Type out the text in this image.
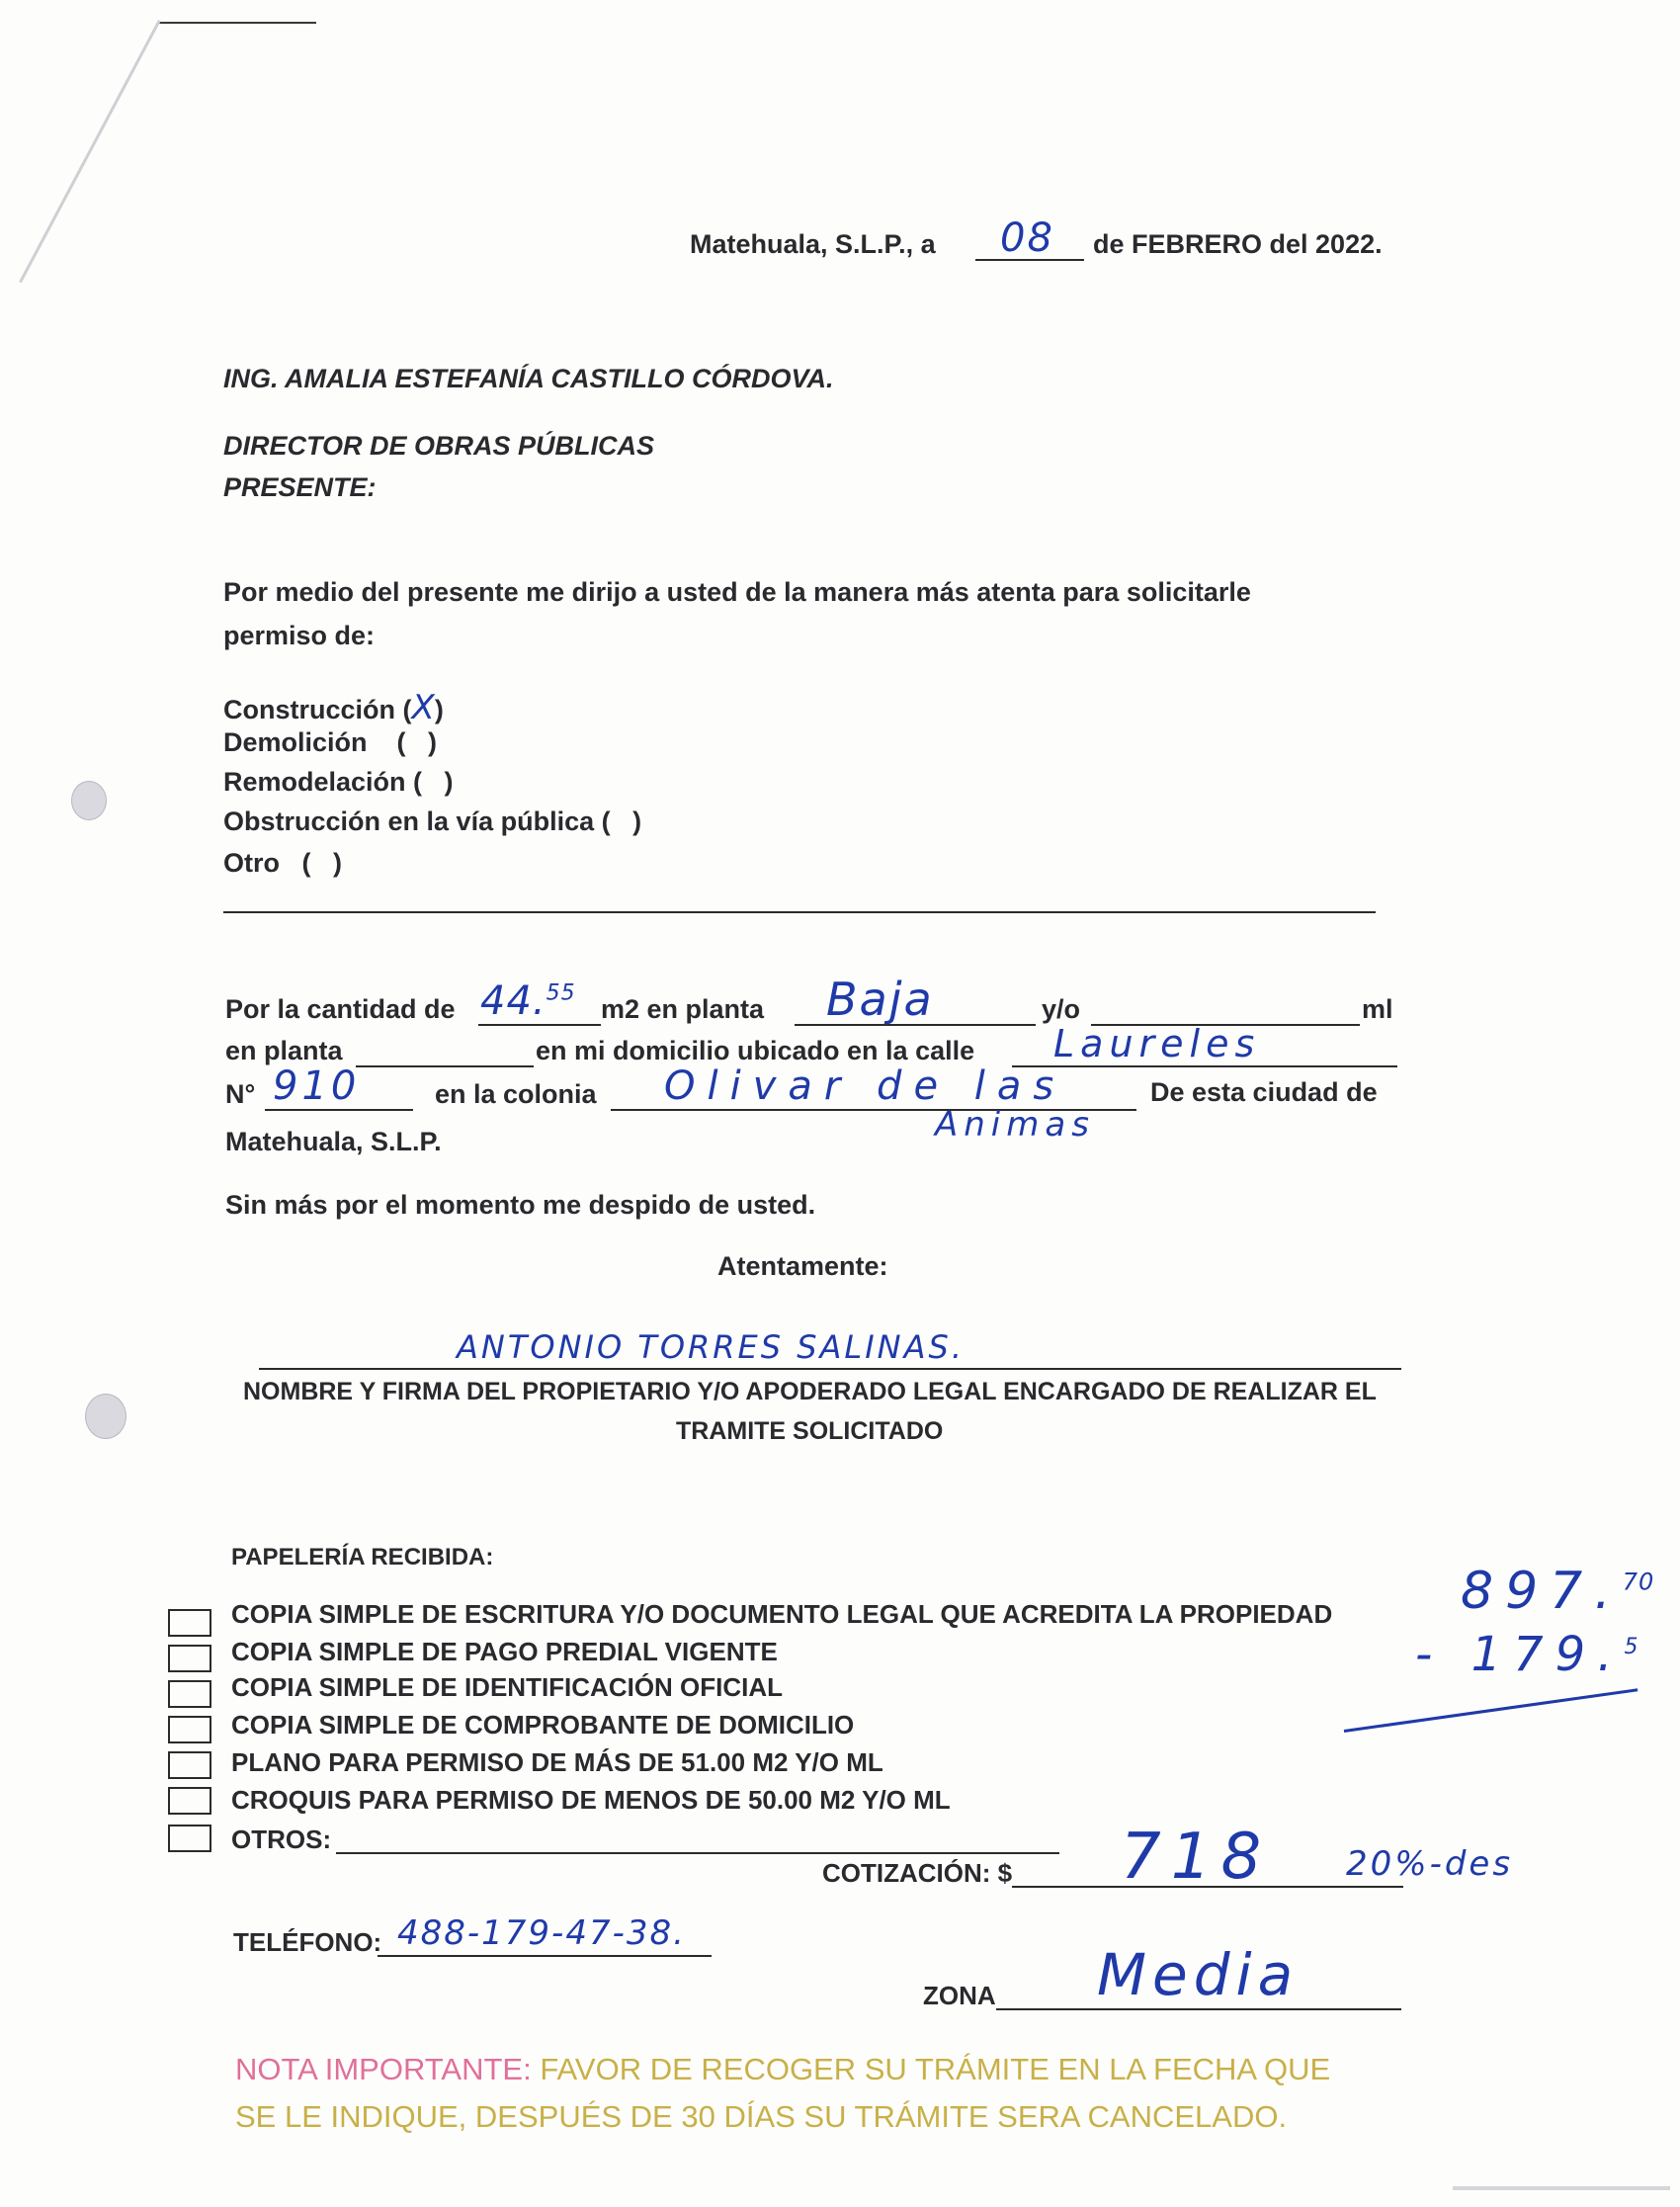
Matehuala, S.L.P., a 08 de FEBRERO del 2022.
ING. AMALIA ESTEFANÍA CASTILLO CÓRDOVA.
DIRECTOR DE OBRAS PÚBLICAS
PRESENTE:
Por medio del presente me dirijo a usted de la manera más atenta para solicitarle
permiso de:
Construcción (X)
Demolición    (   )
Remodelación (   )
Obstrucción en la vía pública (   )
Otro   (   )
Por la cantidad de 44.55
m2 en planta Baja	y/o	ml
en planta	en mi domicilio ubicado en la calle Laureles
N° 910	en la colonia Olivar de las
Animas
De esta ciudad de
Matehuala, S.L.P.
Sin más por el momento me despido de usted.
Atentamente:
ANTONIO TORRES SALINAS.
NOMBRE Y FIRMA DEL PROPIETARIO Y/O APODERADO LEGAL ENCARGADO DE REALIZAR EL
TRAMITE SOLICITADO
PAPELERÍA RECIBIDA:
COPIA SIMPLE DE ESCRITURA Y/O DOCUMENTO LEGAL QUE ACREDITA LA PROPIEDAD
COPIA SIMPLE DE PAGO PREDIAL VIGENTE
COPIA SIMPLE DE IDENTIFICACIÓN OFICIAL
COPIA SIMPLE DE COMPROBANTE DE DOMICILIO
PLANO PARA PERMISO DE MÁS DE 51.00 M2 Y/O ML
CROQUIS PARA PERMISO DE MENOS DE 50.00 M2 Y/O ML
OTROS:
897.70
- 179.$^5$
COTIZACIÓN: $ 718 20%-des
TELÉFONO: 488-179-47-38.
ZONA Media
NOTA IMPORTANTE: FAVOR DE RECOGER SU TRÁMITE EN LA FECHA QUE
SE LE INDIQUE, DESPUÉS DE 30 DÍAS SU TRÁMITE SERA CANCELADO.
